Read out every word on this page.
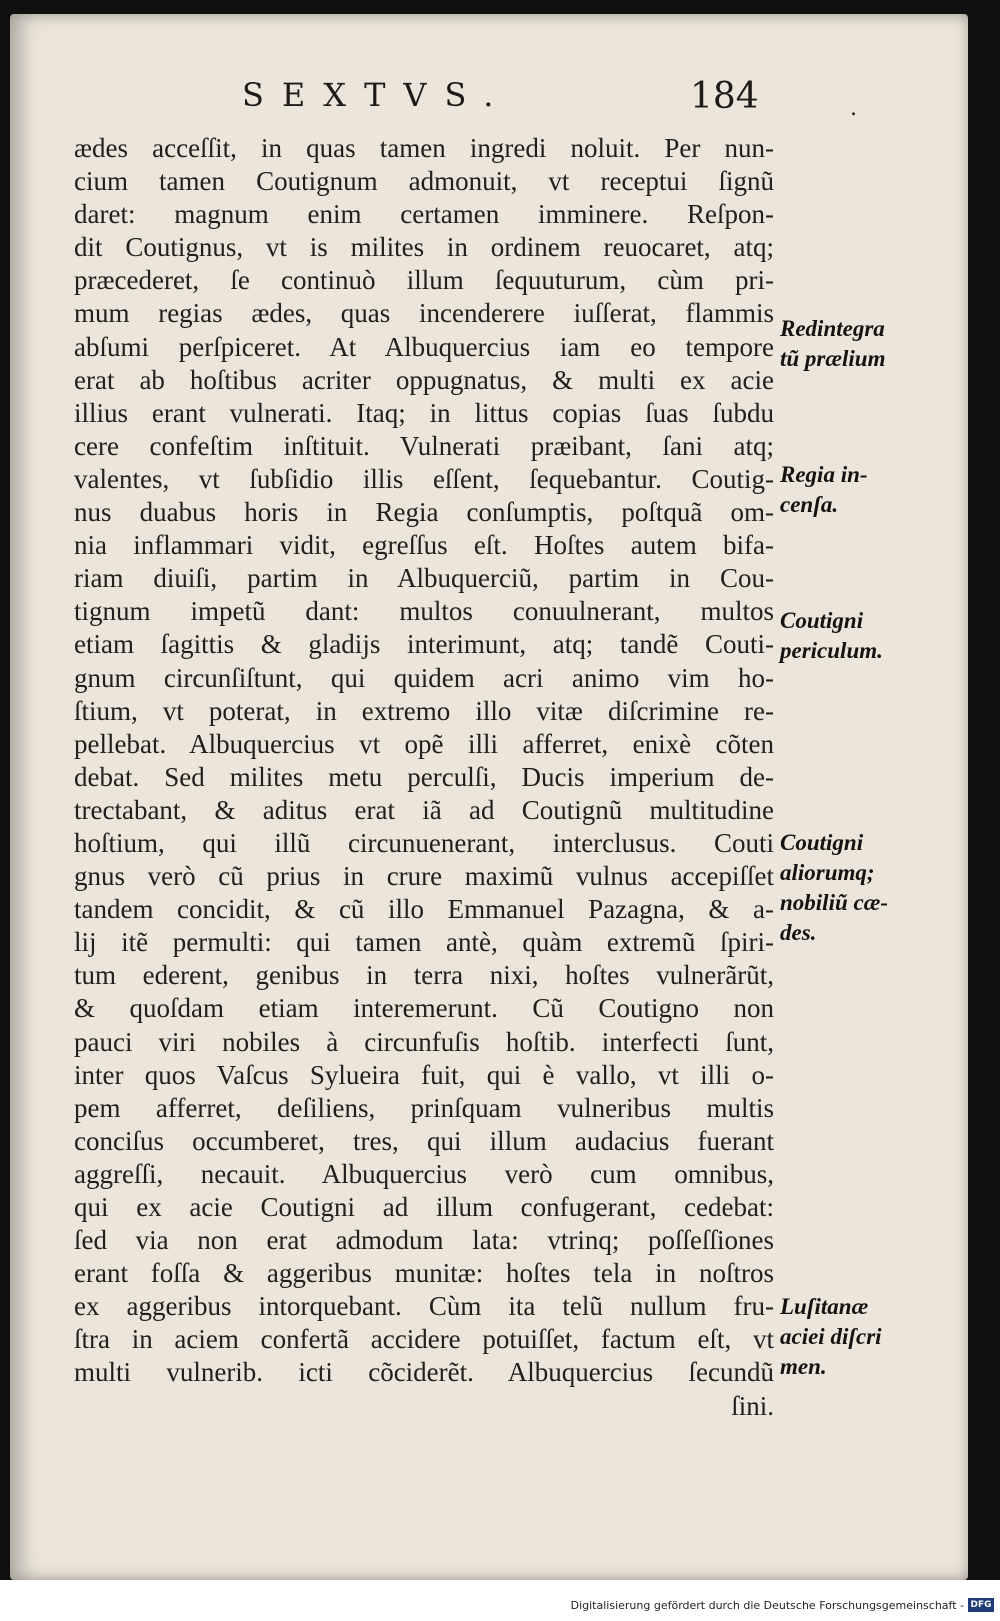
SEXTVS.	184	.
ædes acceſſit, in quas tamen ingredi noluit. Per nun-
cium tamen Coutignum admonuit, vt receptui ſignũ
daret: magnum enim certamen imminere. Reſpon-
dit Coutignus, vt is milites in ordinem reuocaret, atq;
præcederet, ſe continuò illum ſequuturum, cùm pri-
mum regias ædes, quas incenderere iuſſerat, flammis
abſumi perſpiceret. At Albuquercius iam eo tempore
erat ab hoſtibus acriter oppugnatus, & multi ex acie
illius erant vulnerati. Itaq; in littus copias ſuas ſubdu
cere confeſtim inſtituit. Vulnerati præibant, ſani atq;
valentes, vt ſubſidio illis eſſent, ſequebantur. Coutig-
nus duabus horis in Regia conſumptis, poſtquã om-
nia inflammari vidit, egreſſus eſt. Hoſtes autem bifa-
riam diuiſi, partim in Albuquerciũ, partim in Cou-
tignum impetũ dant: multos conuulnerant, multos
etiam ſagittis & gladijs interimunt, atq; tandẽ Couti-
gnum circunſiſtunt, qui quidem acri animo vim ho-
ſtium, vt poterat, in extremo illo vitæ diſcrimine re-
pellebat. Albuquercius vt opẽ illi afferret, enixè cõten
debat. Sed milites metu perculſi, Ducis imperium de-
trectabant, & aditus erat iã ad Coutignũ multitudine
hoſtium, qui illũ circunuenerant, interclusus. Couti
gnus verò cũ prius in crure maximũ vulnus accepiſſet
tandem concidit, & cũ illo Emmanuel Pazagna, & a-
lij itẽ permulti: qui tamen antè, quàm extremũ ſpiri-
tum ederent, genibus in terra nixi, hoſtes vulnerãrũt,
& quoſdam etiam interemerunt. Cũ Coutigno non
pauci viri nobiles à circunfuſis hoſtib. interfecti ſunt,
inter quos Vaſcus Sylueira fuit, qui è vallo, vt illi o-
pem afferret, deſiliens, prinſquam vulneribus multis
conciſus occumberet, tres, qui illum audacius fuerant
aggreſſi, necauit. Albuquercius verò cum omnibus,
qui ex acie Coutigni ad illum confugerant, cedebat:
ſed via non erat admodum lata: vtrinq; poſſeſſiones
erant foſſa & aggeribus munitæ: hoſtes tela in noſtros
ex aggeribus intorquebant. Cùm ita telũ nullum fru-
ſtra in aciem confertã accidere potuiſſet, factum eſt, vt
multi vulnerib. icti cõciderẽt. Albuquercius ſecundũ
ſini.
Redintegra
tũ prælium
Regia in-
cenſa.
Coutigni
periculum.
Coutigni
aliorumq;
nobiliũ cæ-
des.
Luſitanæ
aciei diſcri
men.
Digitalisierung gefördert durch die Deutsche Forschungsgemeinschaft - DFG
